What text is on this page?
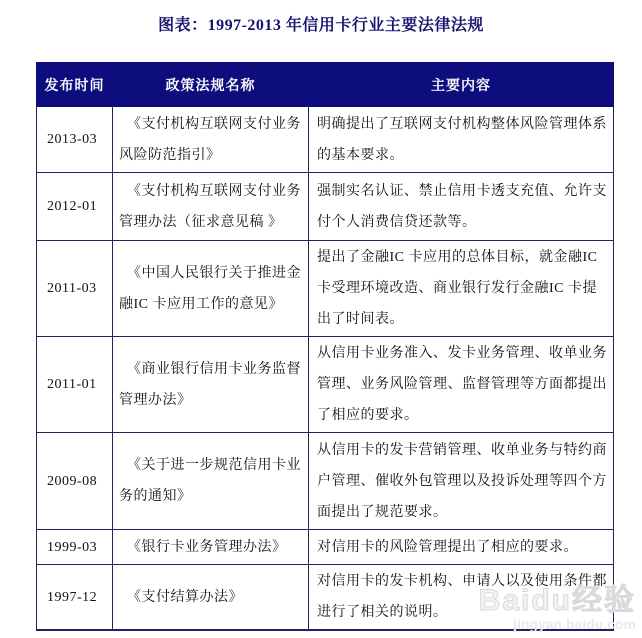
图表：1997-2013 年信用卡行业主要法律法规
发布时间	政策法规名称	主要内容
2013-03	《支付机构互联网支付业务风险防范指引》	明确提出了互联网支付机构整体风险管理体系的基本要求。
2012-01	《支付机构互联网支付业务管理办法（征求意见稿 》	强制实名认证、禁止信用卡透支充值、允许支付个人消费信贷还款等。
2011-03	《中国人民银行关于推进金融IC 卡应用工作的意见》	提出了金融IC 卡应用的总体目标，就金融IC 卡受理环境改造、商业银行发行金融IC 卡提出了时间表。
2011-01	《商业银行信用卡业务监督管理办法》	从信用卡业务准入、发卡业务管理、收单业务管理、业务风险管理、监督管理等方面都提出了相应的要求。
2009-08	《关于进一步规范信用卡业务的通知》	从信用卡的发卡营销管理、收单业务与特约商户管理、催收外包管理以及投诉处理等四个方面提出了规范要求。
1999-03	《银行卡业务管理办法》	对信用卡的风险管理提出了相应的要求。
1997-12	《支付结算办法》	对信用卡的发卡机构、申请人以及使用条件都进行了相关的说明。 Baidu经验
jingyan.baidu.com
